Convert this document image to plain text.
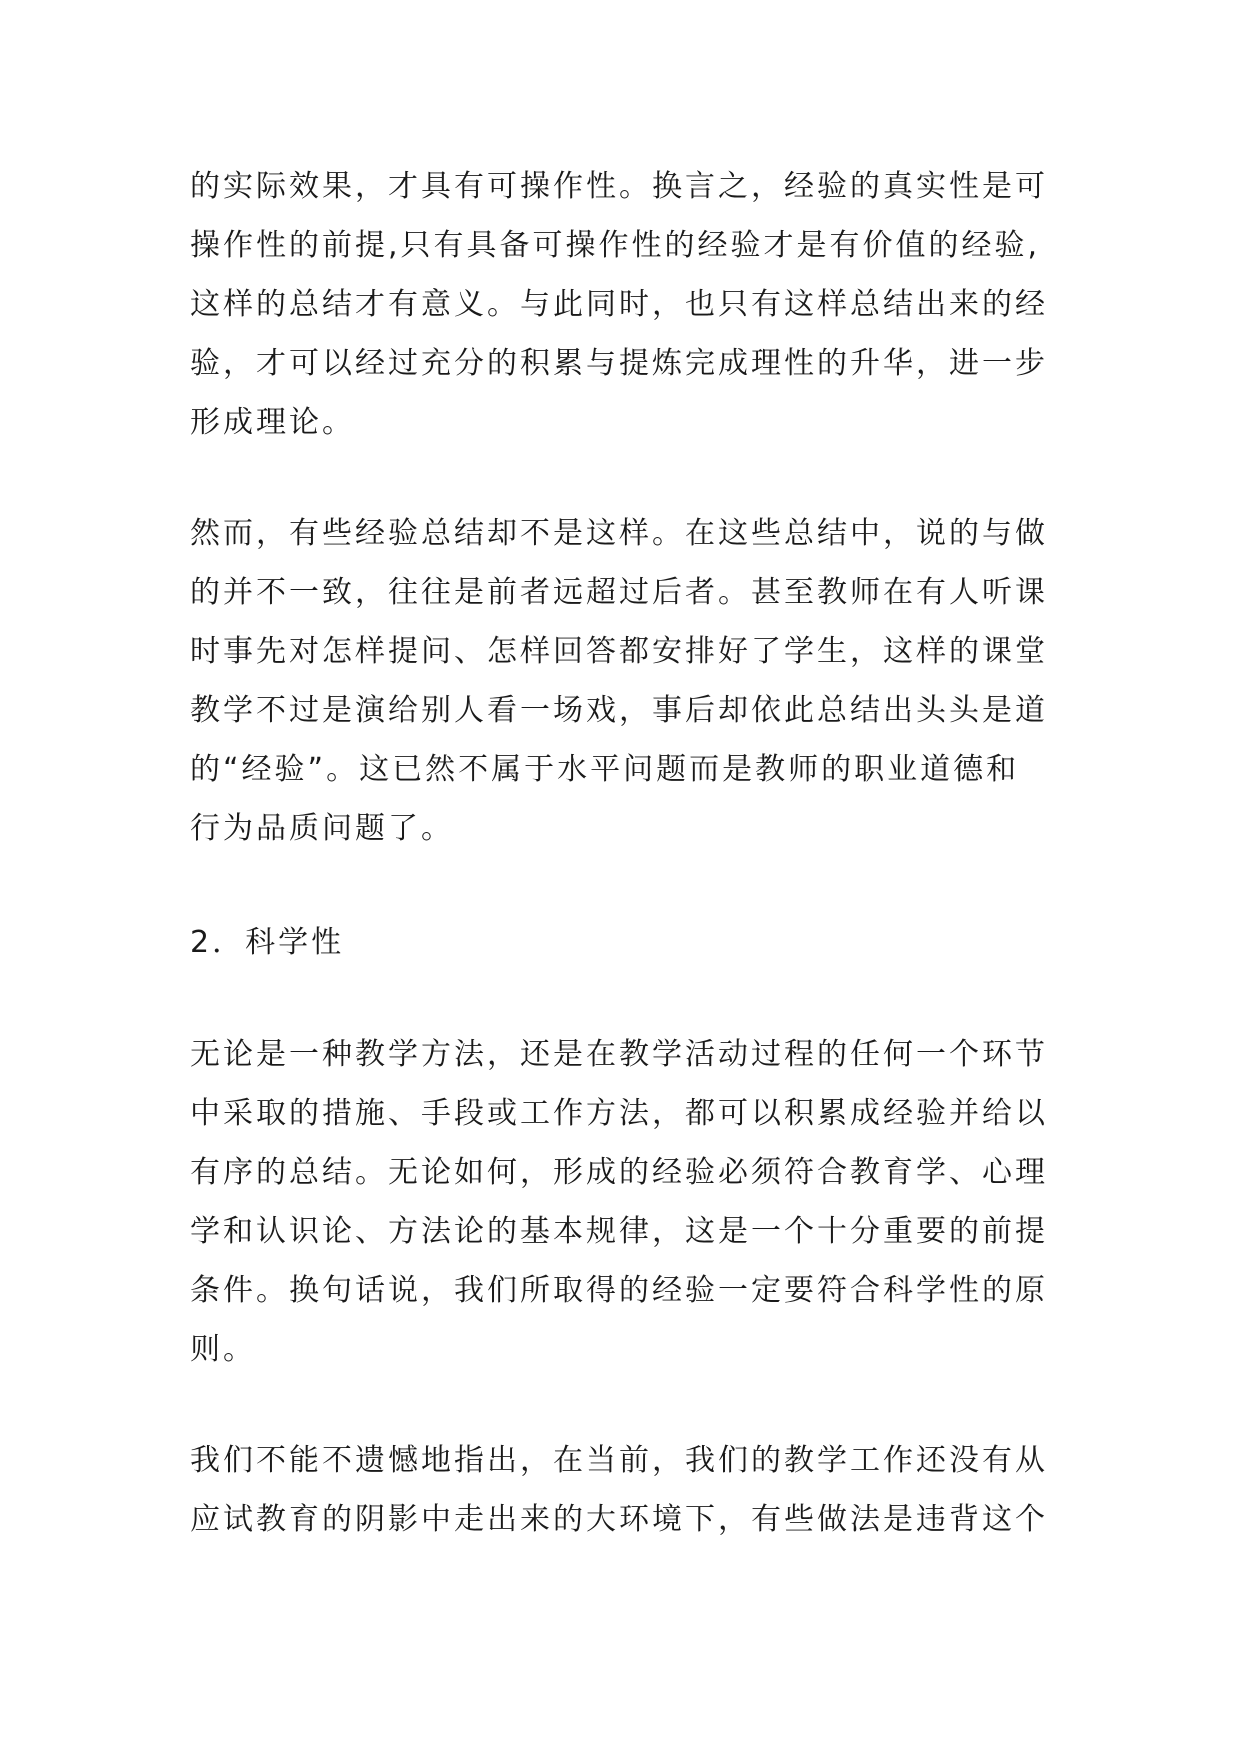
的实际效果，才具有可操作性。换言之，经验的真实性是可
操作性的前提,只有具备可操作性的经验才是有价值的经验,
这样的总结才有意义。与此同时，也只有这样总结出来的经
验，才可以经过充分的积累与提炼完成理性的升华，进一步
形成理论。
然而，有些经验总结却不是这样。在这些总结中，说的与做
的并不一致，往往是前者远超过后者。甚至教师在有人听课
时事先对怎样提问、怎样回答都安排好了学生，这样的课堂
教学不过是演给别人看一场戏，事后却依此总结出头头是道
的“经验”。这已然不属于水平问题而是教师的职业道德和
行为品质问题了。
2．科学性
无论是一种教学方法，还是在教学活动过程的任何一个环节
中采取的措施、手段或工作方法，都可以积累成经验并给以
有序的总结。无论如何，形成的经验必须符合教育学、心理
学和认识论、方法论的基本规律，这是一个十分重要的前提
条件。换句话说，我们所取得的经验一定要符合科学性的原
则。
我们不能不遗憾地指出，在当前，我们的教学工作还没有从
应试教育的阴影中走出来的大环境下，有些做法是违背这个
